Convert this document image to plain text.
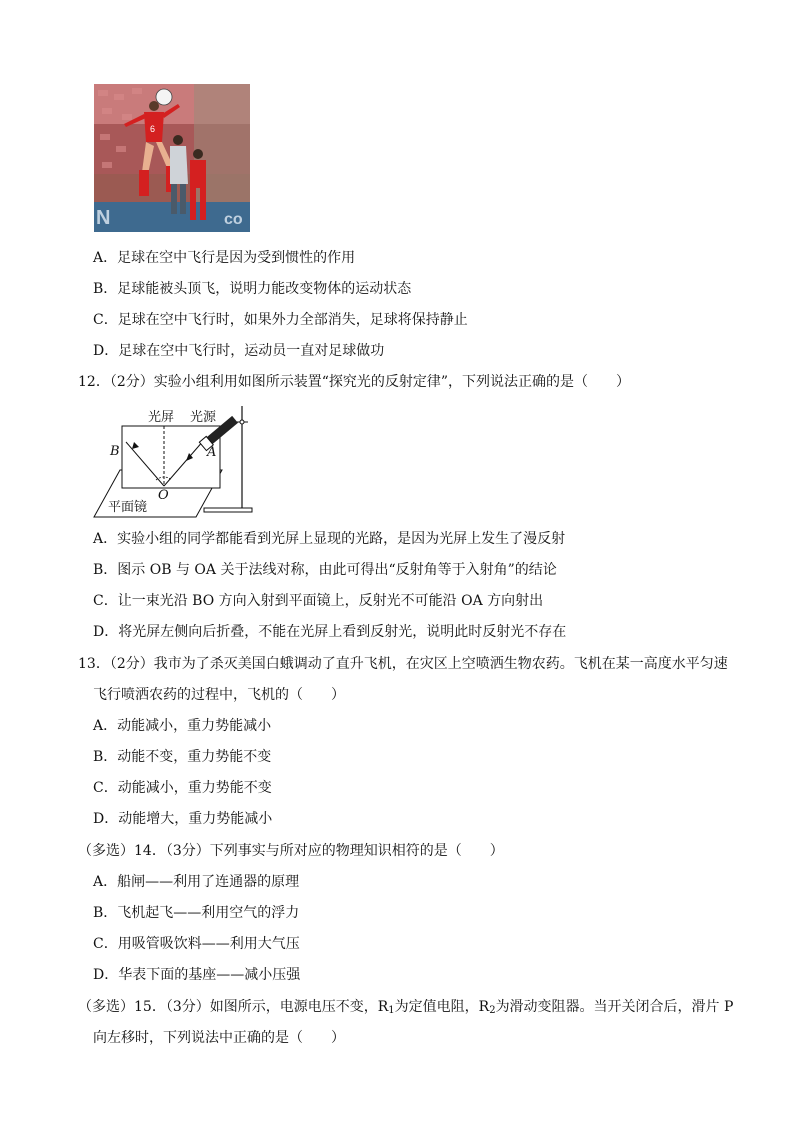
6
N	co
A．足球在空中飞行是因为受到惯性的作用
B．足球能被头顶飞，说明力能改变物体的运动状态
C．足球在空中飞行时，如果外力全部消失，足球将保持静止
D．足球在空中飞行时，运动员一直对足球做功
12．（2分）实验小组利用如图所示装置“探究光的反射定律”，下列说法正确的是（　　）
光屏 光源
B	A
O
平面镜
A．实验小组的同学都能看到光屏上显现的光路，是因为光屏上发生了漫反射
B．图示 OB 与 OA 关于法线对称，由此可得出“反射角等于入射角”的结论
C．让一束光沿 BO 方向入射到平面镜上，反射光不可能沿 OA 方向射出
D．将光屏左侧向后折叠，不能在光屏上看到反射光，说明此时反射光不存在
13．（2分）我市为了杀灭美国白蛾调动了直升飞机，在灾区上空喷洒生物农药。飞机在某一高度水平匀速
飞行喷洒农药的过程中，飞机的（　　）
A．动能减小，重力势能减小
B．动能不变，重力势能不变
C．动能减小，重力势能不变
D．动能增大，重力势能减小
（多选）14．（3分）下列事实与所对应的物理知识相符的是（　　）
A．船闸——利用了连通器的原理
B．飞机起飞——利用空气的浮力
C．用吸管吸饮料——利用大气压
D．华表下面的基座——减小压强
（多选）15．（3分）如图所示，电源电压不变，$R_1$为定值电阻，$R_2$为滑动变阻器。当开关闭合后，滑片 P
向左移时，下列说法中正确的是（　　）
